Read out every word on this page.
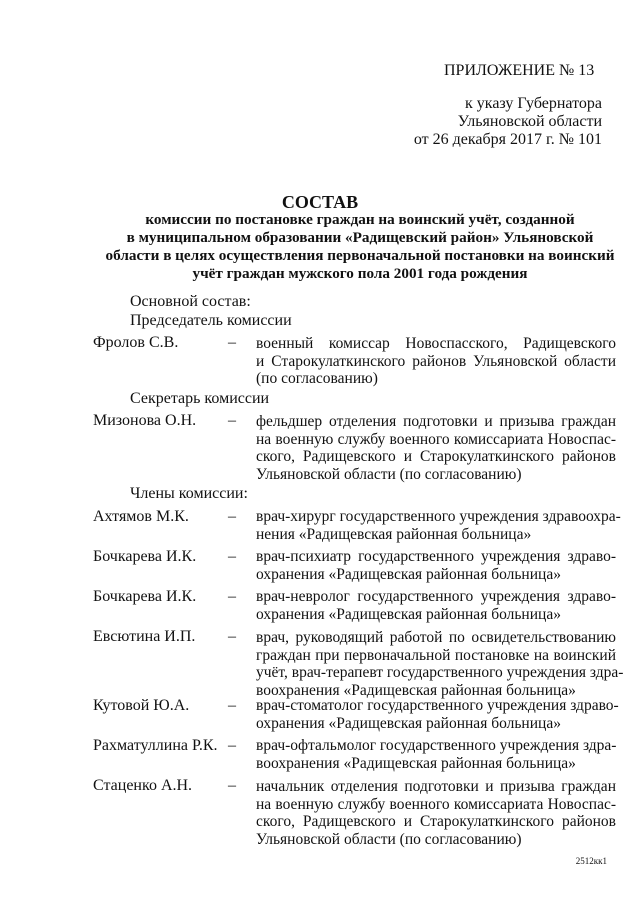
ПРИЛОЖЕНИЕ № 13
к указу Губернатора
Ульяновской области
от 26 декабря 2017 г. № 101
СОСТАВ
комиссии по постановке граждан на воинский учёт, созданной
в муниципальном образовании «Радищевский район» Ульяновской
области в целях осуществления первоначальной постановки на воинский
учёт граждан мужского пола 2001 года рождения
Основной состав:
Председатель комиссии
Фролов С.В.	– военный комиссар Новоспасского, Радищевского
и Старокулаткинского районов Ульяновской области
(по согласованию)
Секретарь комиссии
Мизонова О.Н. – фельдшер отделения подготовки и призыва граждан
на военную службу военного комиссариата Новоспас-
ского, Радищевского и Старокулаткинского районов
Ульяновской области (по согласованию)
Члены комиссии:
Ахтямов М.К. – врач-хирург государственного учреждения здравоохра-
нения «Радищевская районная больница»
Бочкарева И.К. – врач-психиатр государственного учреждения здраво-
охранения «Радищевская районная больница»
Бочкарева И.К. – врач-невролог государственного учреждения здраво-
охранения «Радищевская районная больница»
Евсютина И.П. – врач, руководящий работой по освидетельствованию
граждан при первоначальной постановке на воинский
учёт, врач-терапевт государственного учреждения здра-
воохранения «Радищевская районная больница»
Кутовой Ю.А. – врач-стоматолог государственного учреждения здраво-
охранения «Радищевская районная больница»
Рахматуллина Р.К. – врач-офтальмолог государственного учреждения здра-
воохранения «Радищевская районная больница»
Стаценко А.Н. – начальник отделения подготовки и призыва граждан
на военную службу военного комиссариата Новоспас-
ского, Радищевского и Старокулаткинского районов
Ульяновской области (по согласованию)
2512кк1
